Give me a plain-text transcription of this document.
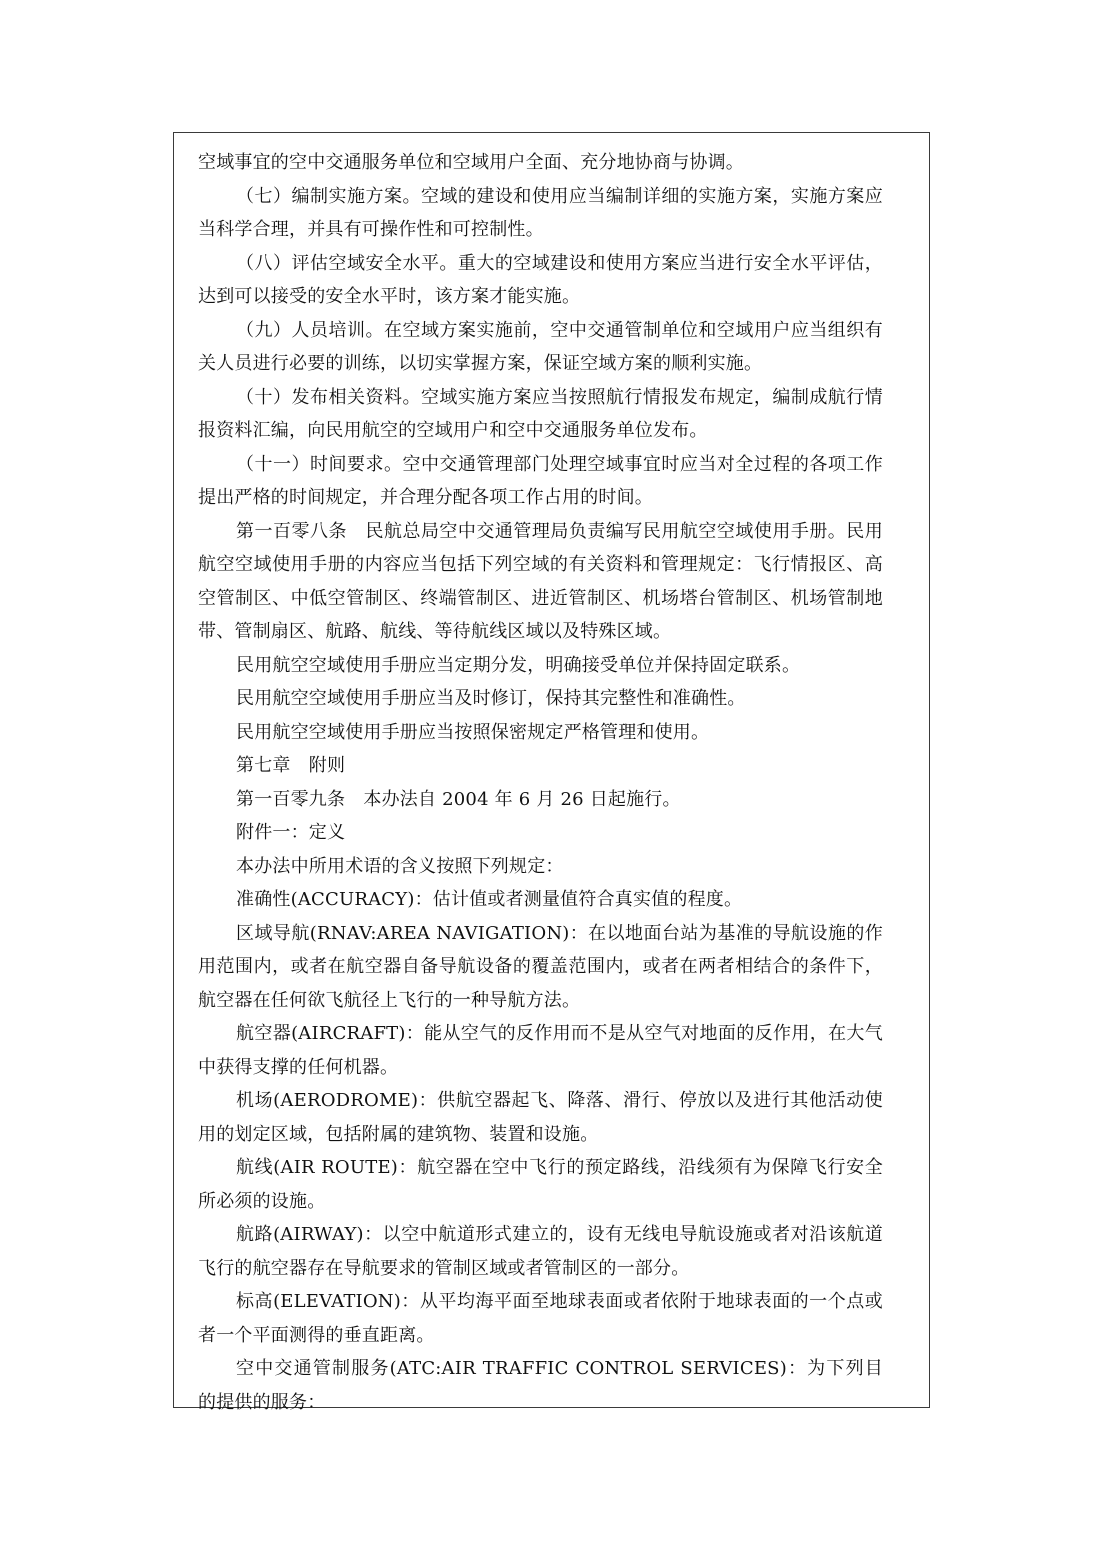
空域事宜的空中交通服务单位和空域用户全面、充分地协商与协调。

（七）编制实施方案。空域的建设和使用应当编制详细的实施方案，实施方案应当科学合理，并具有可操作性和可控制性。

（八）评估空域安全水平。重大的空域建设和使用方案应当进行安全水平评估，达到可以接受的安全水平时，该方案才能实施。

（九）人员培训。在空域方案实施前，空中交通管制单位和空域用户应当组织有关人员进行必要的训练，以切实掌握方案，保证空域方案的顺利实施。

（十）发布相关资料。空域实施方案应当按照航行情报发布规定，编制成航行情报资料汇编，向民用航空的空域用户和空中交通服务单位发布。

（十一）时间要求。空中交通管理部门处理空域事宜时应当对全过程的各项工作提出严格的时间规定，并合理分配各项工作占用的时间。

第一百零八条　民航总局空中交通管理局负责编写民用航空空域使用手册。民用航空空域使用手册的内容应当包括下列空域的有关资料和管理规定：飞行情报区、高空管制区、中低空管制区、终端管制区、进近管制区、机场塔台管制区、机场管制地带、管制扇区、航路、航线、等待航线区域以及特殊区域。

民用航空空域使用手册应当定期分发，明确接受单位并保持固定联系。

民用航空空域使用手册应当及时修订，保持其完整性和准确性。

民用航空空域使用手册应当按照保密规定严格管理和使用。

第七章　附则

第一百零九条　本办法自 2004 年 6 月 26 日起施行。

附件一：定义

本办法中所用术语的含义按照下列规定：

准确性(ACCURACY)：估计值或者测量值符合真实值的程度。

区域导航(RNAV:AREA NAVIGATION)：在以地面台站为基准的导航设施的作用范围内，或者在航空器自备导航设备的覆盖范围内，或者在两者相结合的条件下，航空器在任何欲飞航径上飞行的一种导航方法。

航空器(AIRCRAFT)：能从空气的反作用而不是从空气对地面的反作用，在大气中获得支撑的任何机器。

机场(AERODROME)：供航空器起飞、降落、滑行、停放以及进行其他活动使用的划定区域，包括附属的建筑物、装置和设施。

航线(AIR ROUTE)：航空器在空中飞行的预定路线，沿线须有为保障飞行安全所必须的设施。

航路(AIRWAY)：以空中航道形式建立的，设有无线电导航设施或者对沿该航道飞行的航空器存在导航要求的管制区域或者管制区的一部分。

标高(ELEVATION)：从平均海平面至地球表面或者依附于地球表面的一个点或者一个平面测得的垂直距离。

空中交通管制服务(ATC:AIR TRAFFIC CONTROL SERVICES)：为下列目的提供的服务：
